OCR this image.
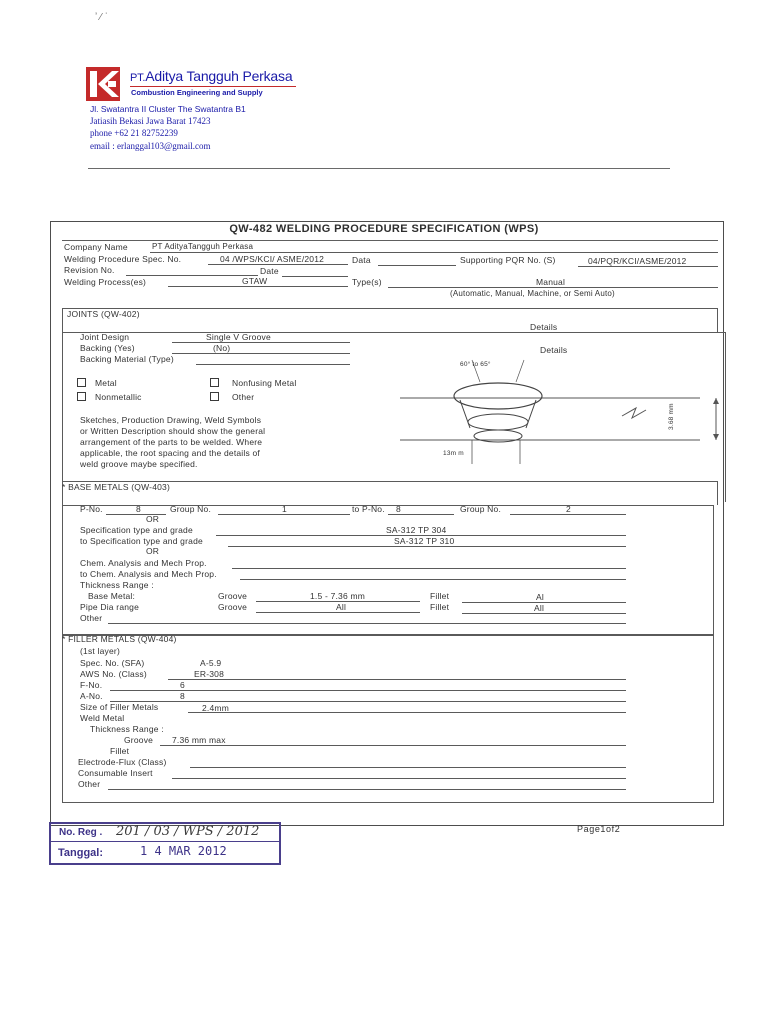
ʼ ⁄ ˈ
PT.Aditya Tangguh Perkasa
Combustion Engineering and Supply
Jl. Swatantra II Cluster The Swatantra B1
Jatiasih Bekasi Jawa Barat 17423
phone +62 21 82752239
email : erlanggal103@gmail.com
QW-482 WELDING PROCEDURE SPECIFICATION (WPS)
Company Name	PT AdityaTangguh Perkasa
Welding Procedure Spec. No.	04 /WPS/KCI/ ASME/2012	Data	Supporting PQR No. (S)	04/PQR/KCI/ASME/2012
Revision No.	Date
Welding Process(es)	GTAW	Type(s)	Manual
(Automatic, Manual, Machine, or Semi Auto)
JOINTS (QW-402)
Details
Details
Joint Design	Single V Groove
Backing (Yes)	(No)
Backing Material (Type)
Metal	Nonfusing Metal
Nonmetallic	Other
Sketches, Production Drawing, Weld Symbols
or Written Description should show the general
arrangement of the parts to be welded. Where
applicable, the root spacing and the details of
weld groove maybe specified.
60° to 65°
3.68 mm
13m m
* BASE METALS (QW-403)
P-No.	8	Group No.	1	to P-No. 8	Group No.	2
OR
Specification type and grade	SA-312 TP 304
to Specification type and grade	SA-312 TP 310
OR
Chem. Analysis and Mech Prop.
to Chem. Analysis and Mech Prop.
Thickness Range :
Base Metal:	Groove	1.5 - 7.36 mm	Fillet	Al
Pipe Dia range	Groove	All	Fillet	All
Other
* FILLER METALS (QW-404)
(1st layer)
Spec. No. (SFA)	A-5.9
AWS No. (Class)	ER-308
F-No.	6
A-No.	8
Size of Filler Metals	2.4mm
Weld Metal
Thickness Range :
Groove 7.36 mm max
Fillet
Electrode-Flux (Class)
Consumable Insert
Other
Page1of2
No. Reg . 201 / 03 / WPS / 2012
Tanggal:	1 4 MAR 2012
